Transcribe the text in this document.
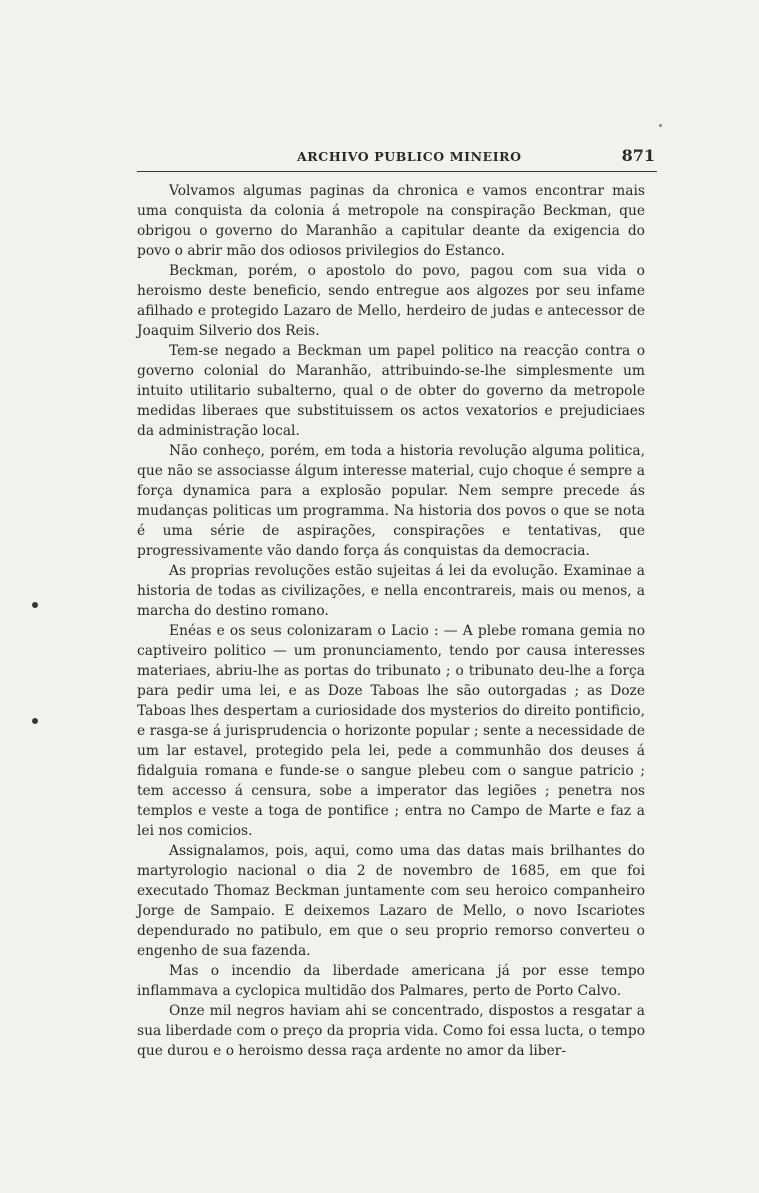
ARCHIVO PUBLICO MINEIRO	871

Volvamos algumas paginas da chronica e vamos encontrar mais uma conquista da colonia á metropole na conspiração Beckman, que obrigou o governo do Maranhão a capitular deante da exigencia do povo o abrir mão dos odiosos privilegios do Estanco.

Beckman, porém, o apostolo do povo, pagou com sua vida o heroismo deste beneficio, sendo entregue aos algozes por seu infame afilhado e protegido Lazaro de Mello, herdeiro de judas e antecessor de Joaquim Silverio dos Reis.

Tem-se negado a Beckman um papel politico na reacção contra o governo colonial do Maranhão, attribuindo-se-lhe simplesmente um intuito utilitario subalterno, qual o de obter do governo da metropole medidas liberaes que substituissem os actos vexatorios e prejudiciaes da administração local.

Não conheço, porém, em toda a historia revolução alguma politica, que não se associasse álgum interesse material, cujo choque é sempre a força dynamica para a explosão popular. Nem sempre precede ás mudanças politicas um programma. Na historia dos povos o que se nota é uma série de aspirações, conspirações e tentativas, que progressivamente vão dando força ás conquistas da democracia.

As proprias revoluções estão sujeitas á lei da evolução. Examinae a historia de todas as civilizações, e nella encontrareis, mais ou menos, a marcha do destino romano.

Enéas e os seus colonizaram o Lacio : — A plebe romana gemia no captiveiro politico — um pronunciamento, tendo por causa interesses materiaes, abriu-lhe as portas do tribunato ; o tribunato deu-lhe a força para pedir uma lei, e as Doze Taboas lhe são outorgadas ; as Doze Taboas lhes despertam a curiosidade dos mysterios do direito pontificio, e rasga-se á jurisprudencia o horizonte popular ; sente a necessidade de um lar estavel, protegido pela lei, pede a communhão dos deuses á fidalguia romana e funde-se o sangue plebeu com o sangue patricio ; tem accesso á censura, sobe a imperator das legiões ; penetra nos templos e veste a toga de pontifice ; entra no Campo de Marte e faz a lei nos comicios.

Assignalamos, pois, aqui, como uma das datas mais brilhantes do martyrologio nacional o dia 2 de novembro de 1685, em que foi executado Thomaz Beckman juntamente com seu heroico companheiro Jorge de Sampaio. E deixemos Lazaro de Mello, o novo Iscariotes dependurado no patibulo, em que o seu proprio remorso converteu o engenho de sua fazenda.

Mas o incendio da liberdade americana já por esse tempo inflammava a cyclopica multidão dos Palmares, perto de Porto Calvo.

Onze mil negros haviam ahi se concentrado, dispostos a resgatar a sua liberdade com o preço da propria vida. Como foi essa lucta, o tempo que durou e o heroismo dessa raça ardente no amor da liber-
